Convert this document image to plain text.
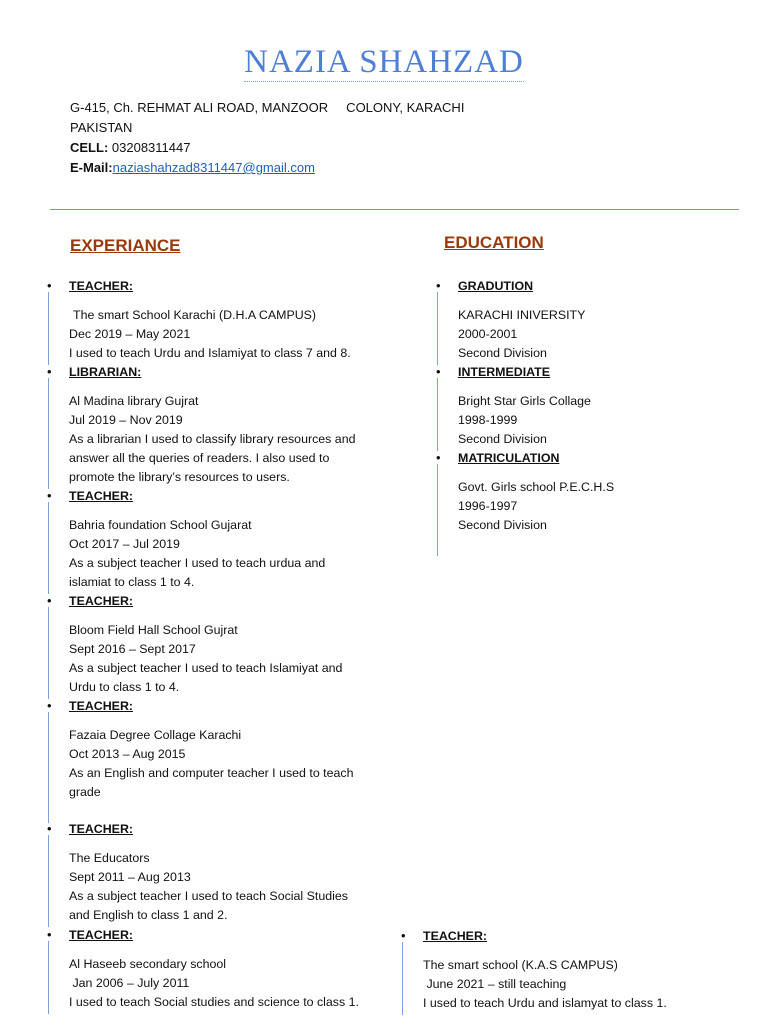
NAZIA SHAHZAD
G-415, Ch. REHMAT ALI ROAD, MANZOOR     COLONY, KARACHI
PAKISTAN
CELL: 03208311447
E-Mail:naziashahzad8311447@gmail.com
EXPERIANCE	EDUCATION
• TEACHER:
The smart School Karachi (D.H.A CAMPUS)
Dec 2019 – May 2021
I used to teach Urdu and Islamiyat to class 7 and 8.
• LIBRARIAN:
Al Madina library Gujrat
Jul 2019 – Nov 2019
As a librarian I used to classify library resources and
answer all the queries of readers. I also used to
promote the library’s resources to users.
• TEACHER:
Bahria foundation School Gujarat
Oct 2017 – Jul 2019
As a subject teacher I used to teach urdua and
islamiat to class 1 to 4.
• TEACHER:
Bloom Field Hall School Gujrat
Sept 2016 – Sept 2017
As a subject teacher I used to teach Islamiyat and
Urdu to class 1 to 4.
• TEACHER:
Fazaia Degree Collage Karachi
Oct 2013 – Aug 2015
As an English and computer teacher I used to teach
grade
• TEACHER:
The Educators
Sept 2011 – Aug 2013
As a subject teacher I used to teach Social Studies
and English to class 1 and 2.
• TEACHER:
Al Haseeb secondary school
Jan 2006 – July 2011
I used to teach Social studies and science to class 1.
• GRADUTION
KARACHI INIVERSITY
2000-2001
Second Division
• INTERMEDIATE
Bright Star Girls Collage
1998-1999
Second Division
• MATRICULATION
Govt. Girls school P.E.C.H.S
1996-1997
Second Division
• TEACHER:
The smart school (K.A.S CAMPUS)
June 2021 – still teaching
I used to teach Urdu and islamyat to class 1.
